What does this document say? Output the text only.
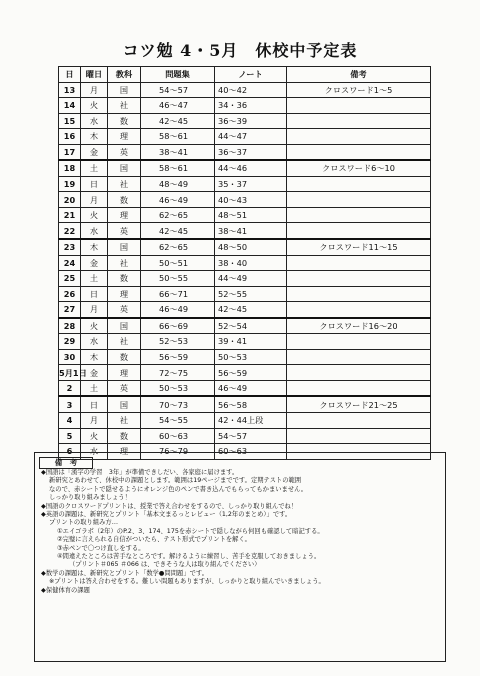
コツ勉 4・5月　休校中予定表
日	曜日	教科	問題集	ノート	備考
13	月	国	54～57	40～42	クロスワード1～5
14	火	社	46～47	34・36	
15	水	数	42～45	36～39	
16	木	理	58～61	44～47	
17	金	英	38～41	36～37	
18	土	国	58～61	44～46	クロスワード6～10
19	日	社	48～49	35・37	
20	月	数	46～49	40～43	
21	火	理	62～65	48～51	
22	水	英	42～45	38～41	
23	木	国	62～65	48～50	クロスワード11～15
24	金	社	50～51	38・40	
25	土	数	50～55	44～49	
26	日	理	66～71	52～55	
27	月	英	46～49	42～45	
28	火	国	66～69	52～54	クロスワード16～20
29	水	社	52～53	39・41	
30	木	数	56～59	50～53	
5月1日	金	理	72～75	56～59	
2	土	英	50～53	46～49	
3	日	国	70～73	56～58	クロスワード21～25
4	月	社	54～55	42・44上段	
5	火	数	60～63	54～57	
6	水	理	76～79	60～63	
備　考
◆ 国語は「漢字の学習　3年」が準備できしだい、各家庭に届けます。
新研究とあわせて、休校中の課題とします。範囲は19ページまでです。定期テストの範囲
なので、赤シートで隠せるようにオレンジ色のペンで書き込んでもらってもかまいません。
しっかり取り組みましょう！
◆ 国語のクロスワードプリントは、授業で答え合わせをするので、しっかり取り組んでね！
◆ 英語の課題は、新研究とプリント「基本文まるっとレビュー（1,2年のまとめ）」です。
プリントの取り組み方…
①エイゴラボ（2年）のP.2、3、174、175を赤シートで隠しながら何回も確認して暗記する。
②完璧に言えられる自信がついたら、テスト形式でプリントを解く。
③赤ペンで〇つけ直しをする。
④間違えたところは苦手なところです。解けるように練習し、苦手を克服しておきましょう。
（プリント＃065 ＃066 は、できそうな人は取り組んでください）
◆ 数学の課題は、新研究とプリント「数学●問問題」です。
※プリントは答え合わせをする。難しい問題もありますが、しっかりと取り組んでいきましょう。
◆ 保健体育の課題
